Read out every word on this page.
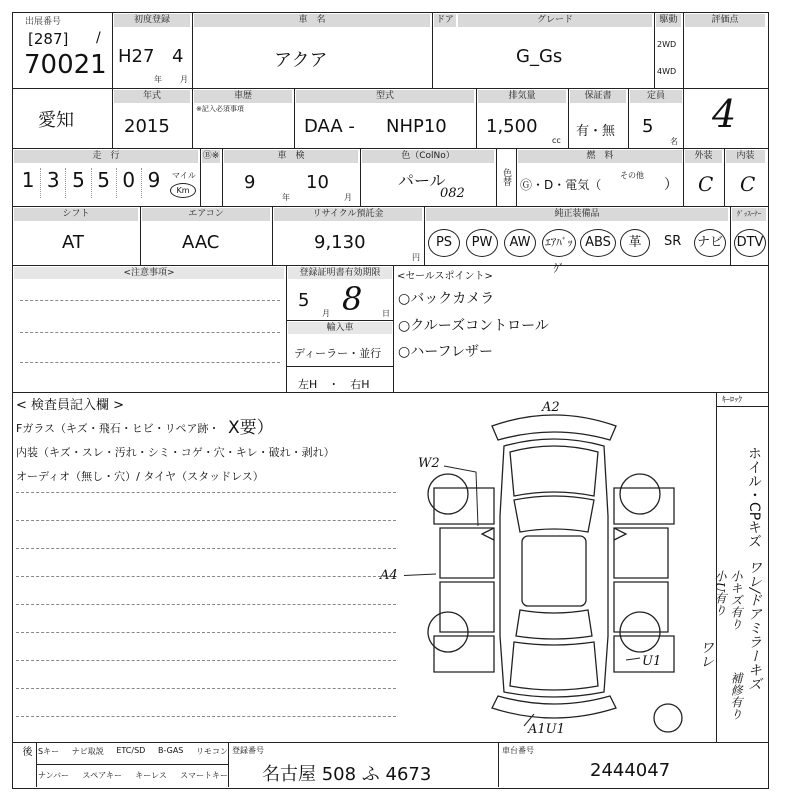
出展番号
[287] /
70021
初度登録
H27 4
年 月
車　名
アクア
ドア	グレード
G_Gs
駆動
2WD
4WD
評価点
愛知
年式
2015
車歴
※記入必須事項
型式
DAA - NHP10
排気量
1,500
cc
保証書
有・無
定員
5
名
4
走　行
1 3 5 5 0 9	マイル
Km
Ⓑ※	車　検
9
年
10
月
色（ColNo）
パール
082
色替
燃　料
Ⓖ・D・電気（
その他
）
外装
C
内装
C
シフト
AT
エアコン
AAC
リサイクル預託金
9,130
円
純正装備品	ｸﾞｯｽｰﾅｰ
PS	PW	AW	ｴｱﾊﾞｯｸﾞ
ABS	革	SR ナビ DTV
<注意事項>	登録証明書有効期限
5
月 8 日
輸入車
ディーラー・並行
左H　・　右H
<セールスポイント>
○バックカメラ
○クルーズコントロール
○ハーフレザー
ｷｰﾛｯｸ
< 検査員記入欄 >
Fガラス（キズ・飛石・ヒビ・リペア跡・ X要）
内装（キズ・スレ・汚れ・シミ・コゲ・穴・キレ・破れ・剥れ）
オーディオ（無し・穴）/ タイヤ（スタッドレス）	ホイル・CPキズ
ワレ/ドアミラーキズ
ワレ
小キズ有り
小U有り
補修有り
A2
W2
A4
U1
A1U1
後 Sキー ナビ取説 ETC/SD B-GAS リモコン
ナンバー スペアキー キーレス スマートキー
登録番号
名古屋 508 ふ 4673
車台番号
2444047
